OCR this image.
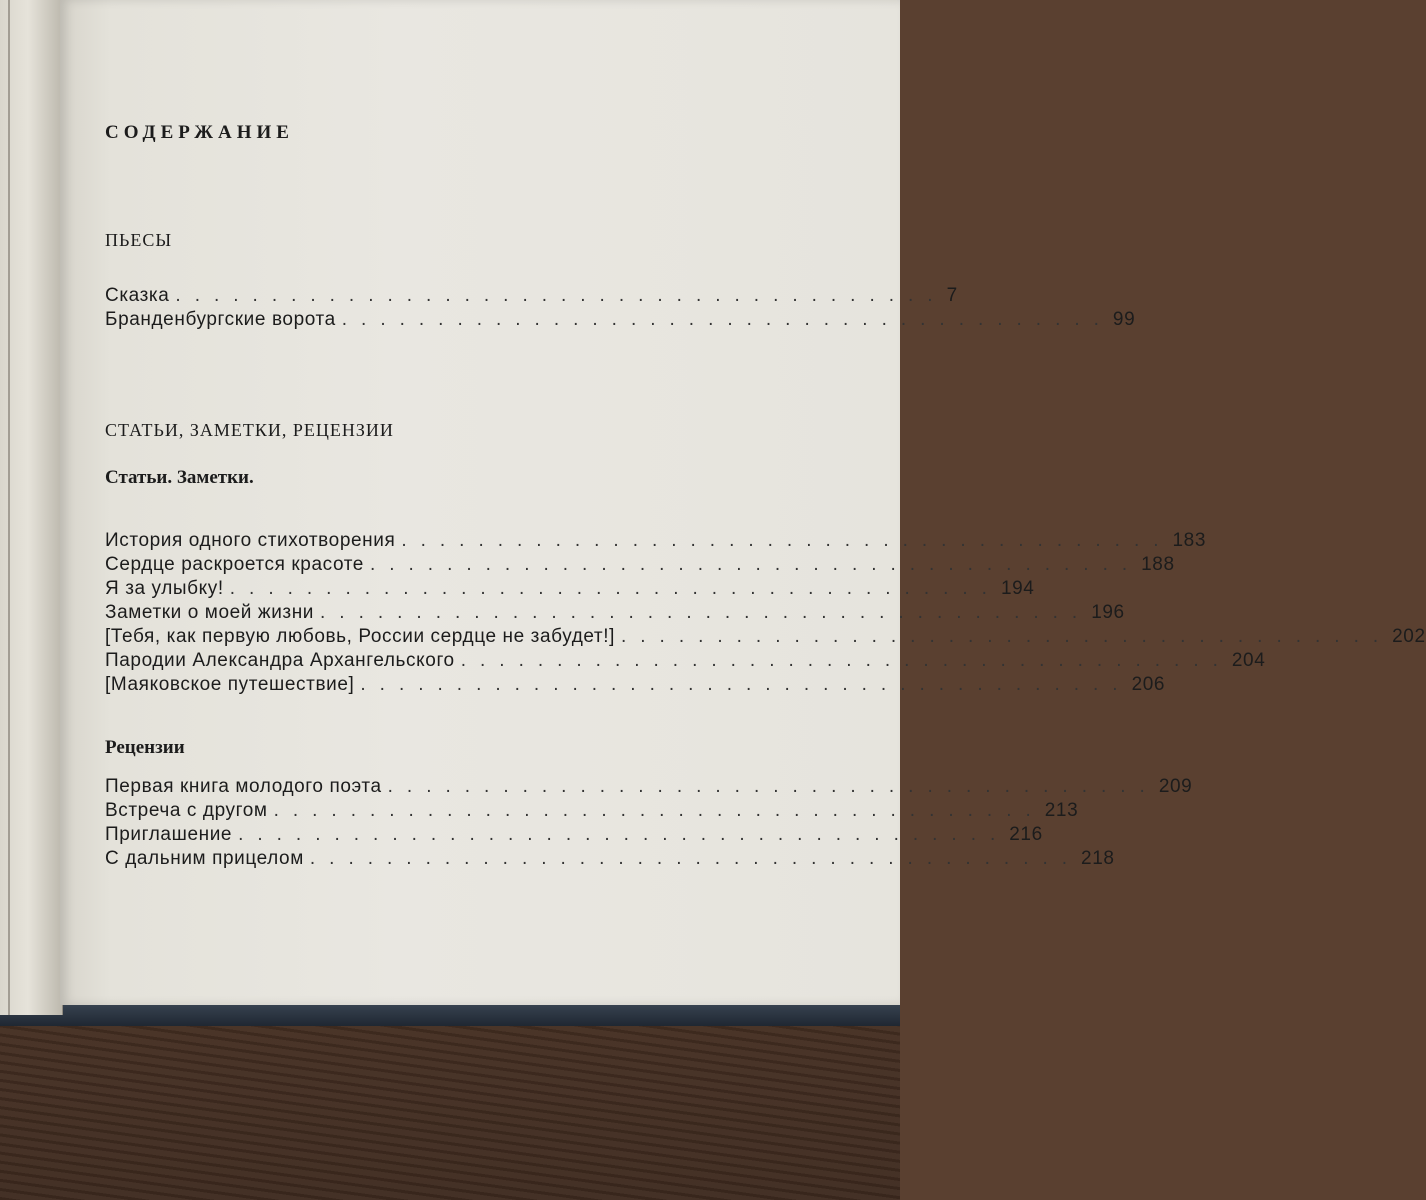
СОДЕРЖАНИЕ
ПЬЕСЫ
Сказка ........................................ 7
Бранденбургские ворота ........................................ 99
СТАТЬИ, ЗАМЕТКИ, РЕЦЕНЗИИ
Статьи. Заметки.
История одного стихотворения ........................................ 183
Сердце раскроется красоте ........................................ 188
Я за улыбку! ........................................ 194
Заметки о моей жизни ........................................ 196
[Тебя, как первую любовь, России сердце не забудет!] ........................................ 202
Пародии Александра Архангельского ........................................ 204
[Маяковское путешествие] ........................................ 206
Рецензии
Первая книга молодого поэта ........................................ 209
Встреча с другом ........................................ 213
Приглашение ........................................ 216
С дальним прицелом ........................................ 218
